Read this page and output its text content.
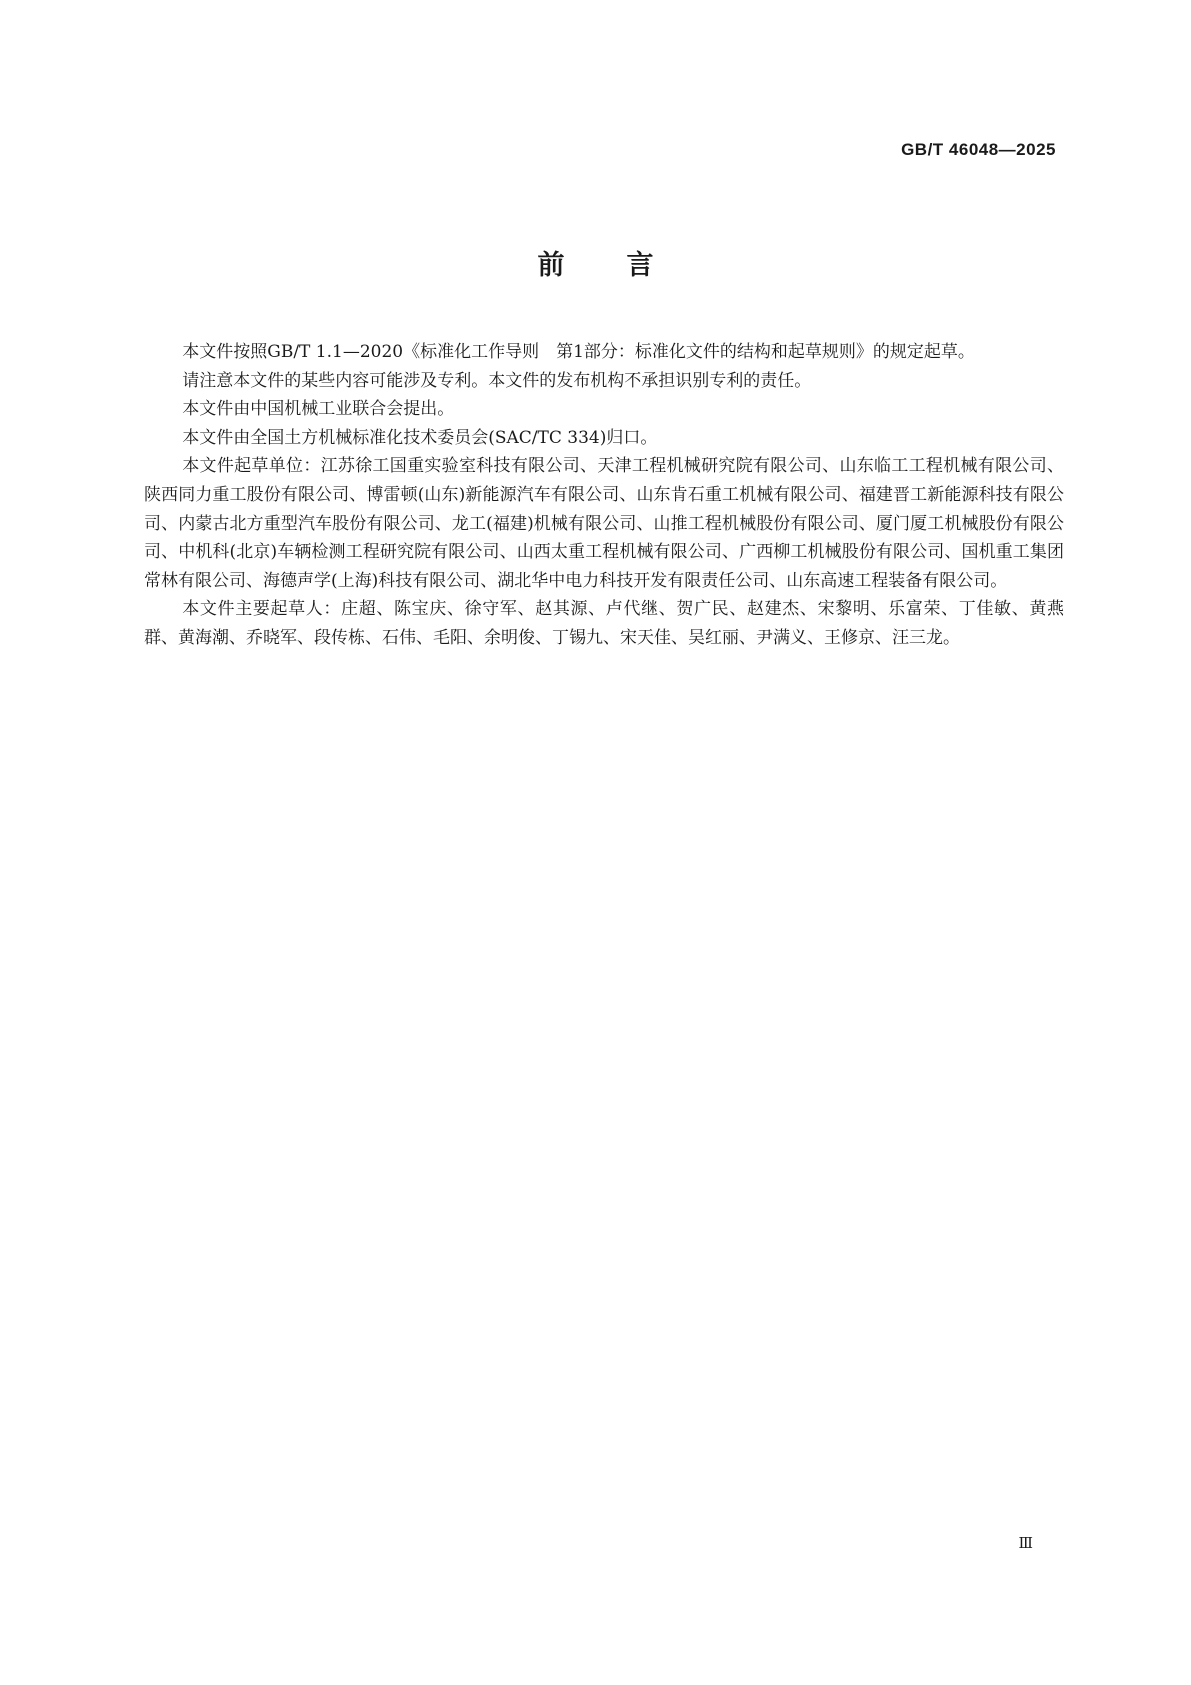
GB/T 46048—2025
前言

本文件按照GB/T 1.1—2020《标准化工作导则　第1部分：标准化文件的结构和起草规则》的规定起草。

请注意本文件的某些内容可能涉及专利。本文件的发布机构不承担识别专利的责任。

本文件由中国机械工业联合会提出。

本文件由全国土方机械标准化技术委员会(SAC/TC 334)归口。

本文件起草单位：江苏徐工国重实验室科技有限公司、天津工程机械研究院有限公司、山东临工工程机械有限公司、陕西同力重工股份有限公司、博雷顿(山东)新能源汽车有限公司、山东肯石重工机械有限公司、福建晋工新能源科技有限公司、内蒙古北方重型汽车股份有限公司、龙工(福建)机械有限公司、山推工程机械股份有限公司、厦门厦工机械股份有限公司、中机科(北京)车辆检测工程研究院有限公司、山西太重工程机械有限公司、广西柳工机械股份有限公司、国机重工集团常林有限公司、海德声学(上海)科技有限公司、湖北华中电力科技开发有限责任公司、山东高速工程装备有限公司。

本文件主要起草人：庄超、陈宝庆、徐守军、赵其源、卢代继、贺广民、赵建杰、宋黎明、乐富荣、丁佳敏、黄燕群、黄海潮、乔晓军、段传栋、石伟、毛阳、余明俊、丁锡九、宋天佳、吴红丽、尹满义、王修京、汪三龙。

Ⅲ
